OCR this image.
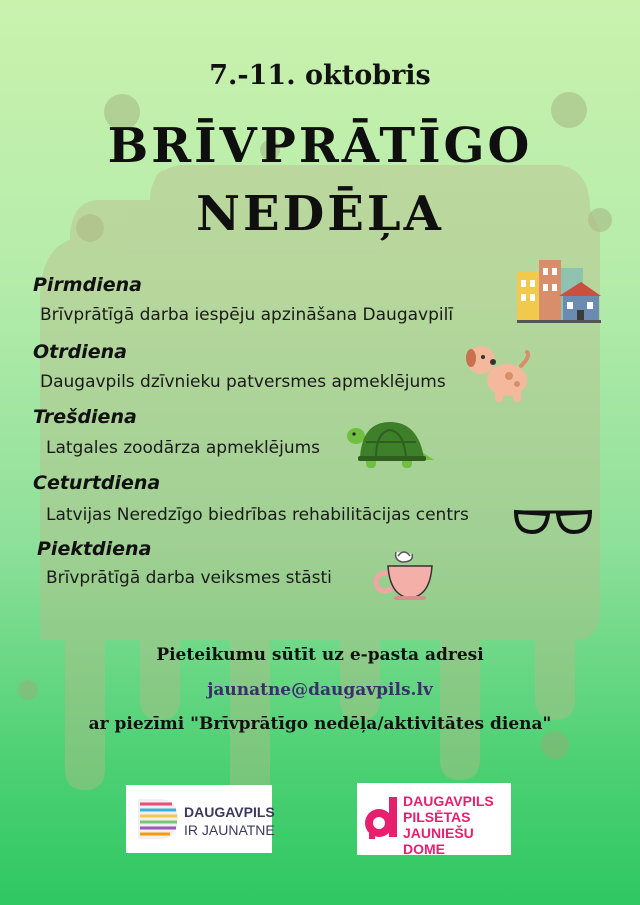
7.-11. oktobris
BRĪVPRĀTĪGO
NEDĒĻA
Pirmdiena
Brīvprātīgā darba iespēju apzināšana Daugavpilī
Otrdiena
Daugavpils dzīvnieku patversmes apmeklējums
Trešdiena
Latgales zoodārza apmeklējums
Ceturtdiena
Latvijas Neredzīgo biedrības rehabilitācijas centrs
Piektdiena
Brīvprātīgā darba veiksmes stāsti
Pieteikumu sūtīt uz e-pasta adresi
jaunatne@daugavpils.lv
ar piezīmi "Brīvprātīgo nedēļa/aktivitātes diena"
DAUGAVPILS
IR JAUNATNE
DAUGAVPILS
PILSĒTAS
JAUNIEŠU
DOME
